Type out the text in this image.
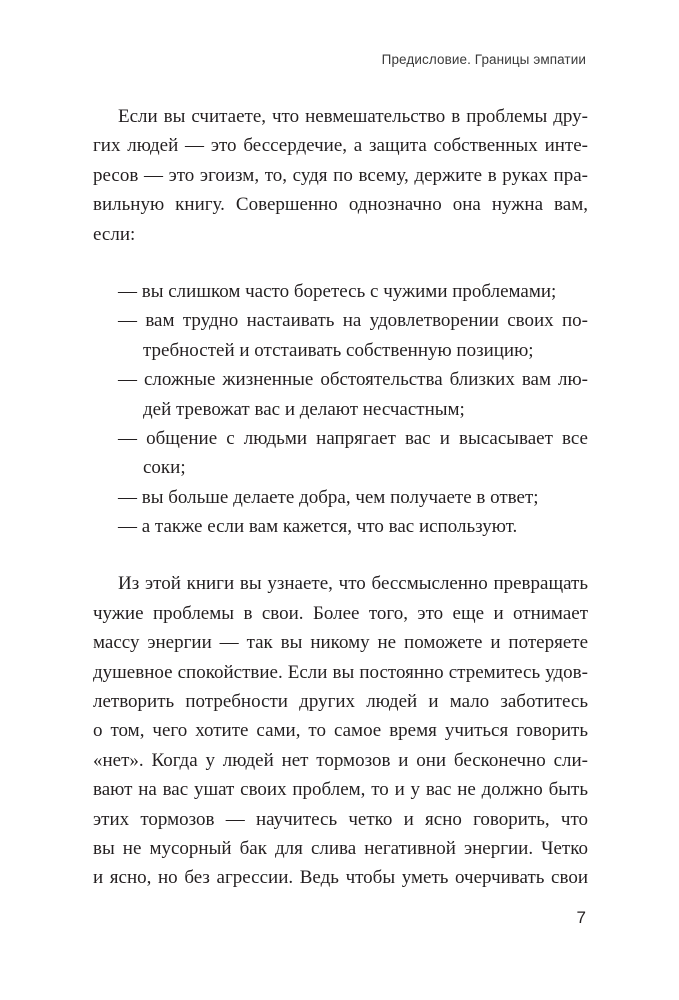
Предисловие. Границы эмпатии
Если вы считаете, что невмешательство в проблемы дру-
гих людей — это бессердечие, а защита собственных инте-
ресов — это эгоизм, то, судя по всему, держите в руках пра-
вильную книгу. Совершенно однозначно она нужна вам,
если:
— вы слишком часто боретесь с чужими проблемами;
— вам трудно настаивать на удовлетворении своих по-
требностей и отстаивать собственную позицию;
— сложные жизненные обстоятельства близких вам лю-
дей тревожат вас и делают несчастным;
— общение с людьми напрягает вас и высасывает все
соки;
— вы больше делаете добра, чем получаете в ответ;
— а также если вам кажется, что вас используют.
Из этой книги вы узнаете, что бессмысленно превращать
чужие проблемы в свои. Более того, это еще и отнимает
массу энергии — так вы никому не поможете и потеряете
душевное спокойствие. Если вы постоянно стремитесь удов-
летворить потребности других людей и мало заботитесь
о том, чего хотите сами, то самое время учиться говорить
«нет». Когда у людей нет тормозов и они бесконечно сли-
вают на вас ушат своих проблем, то и у вас не должно быть
этих тормозов — научитесь четко и ясно говорить, что
вы не мусорный бак для слива негативной энергии. Четко
и ясно, но без агрессии. Ведь чтобы уметь очерчивать свои
7
